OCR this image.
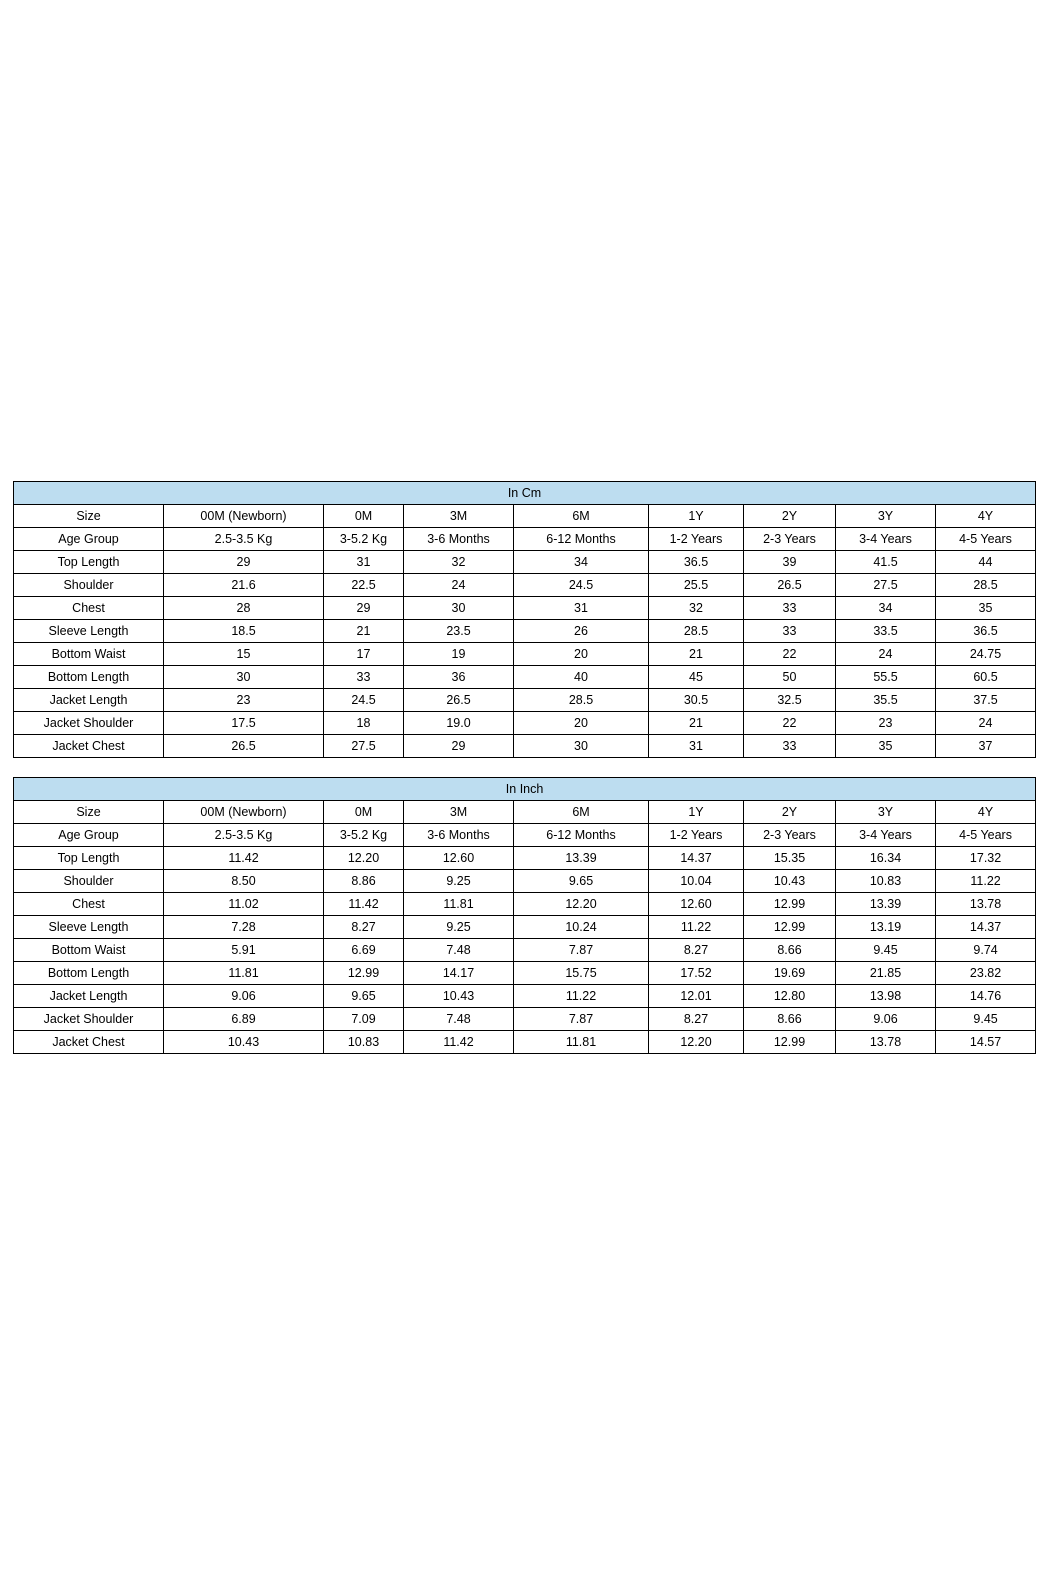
In Cm								
Size	00M (Newborn)	0M	3M	6M	1Y	2Y	3Y	4Y
Age Group	2.5-3.5 Kg	3-5.2 Kg	3-6 Months	6-12 Months	1-2 Years	2-3 Years	3-4 Years	4-5 Years
Top Length	29	31	32	34	36.5	39	41.5	44
Shoulder	21.6	22.5	24	24.5	25.5	26.5	27.5	28.5
Chest	28	29	30	31	32	33	34	35
Sleeve Length	18.5	21	23.5	26	28.5	33	33.5	36.5
Bottom Waist	15	17	19	20	21	22	24	24.75
Bottom Length	30	33	36	40	45	50	55.5	60.5
Jacket Length	23	24.5	26.5	28.5	30.5	32.5	35.5	37.5
Jacket Shoulder	17.5	18	19.0	20	21	22	23	24
Jacket Chest	26.5	27.5	29	30	31	33	35	37
In Inch								
Size	00M (Newborn)	0M	3M	6M	1Y	2Y	3Y	4Y
Age Group	2.5-3.5 Kg	3-5.2 Kg	3-6 Months	6-12 Months	1-2 Years	2-3 Years	3-4 Years	4-5 Years
Top Length	11.42	12.20	12.60	13.39	14.37	15.35	16.34	17.32
Shoulder	8.50	8.86	9.25	9.65	10.04	10.43	10.83	11.22
Chest	11.02	11.42	11.81	12.20	12.60	12.99	13.39	13.78
Sleeve Length	7.28	8.27	9.25	10.24	11.22	12.99	13.19	14.37
Bottom Waist	5.91	6.69	7.48	7.87	8.27	8.66	9.45	9.74
Bottom Length	11.81	12.99	14.17	15.75	17.52	19.69	21.85	23.82
Jacket Length	9.06	9.65	10.43	11.22	12.01	12.80	13.98	14.76
Jacket Shoulder	6.89	7.09	7.48	7.87	8.27	8.66	9.06	9.45
Jacket Chest	10.43	10.83	11.42	11.81	12.20	12.99	13.78	14.57
